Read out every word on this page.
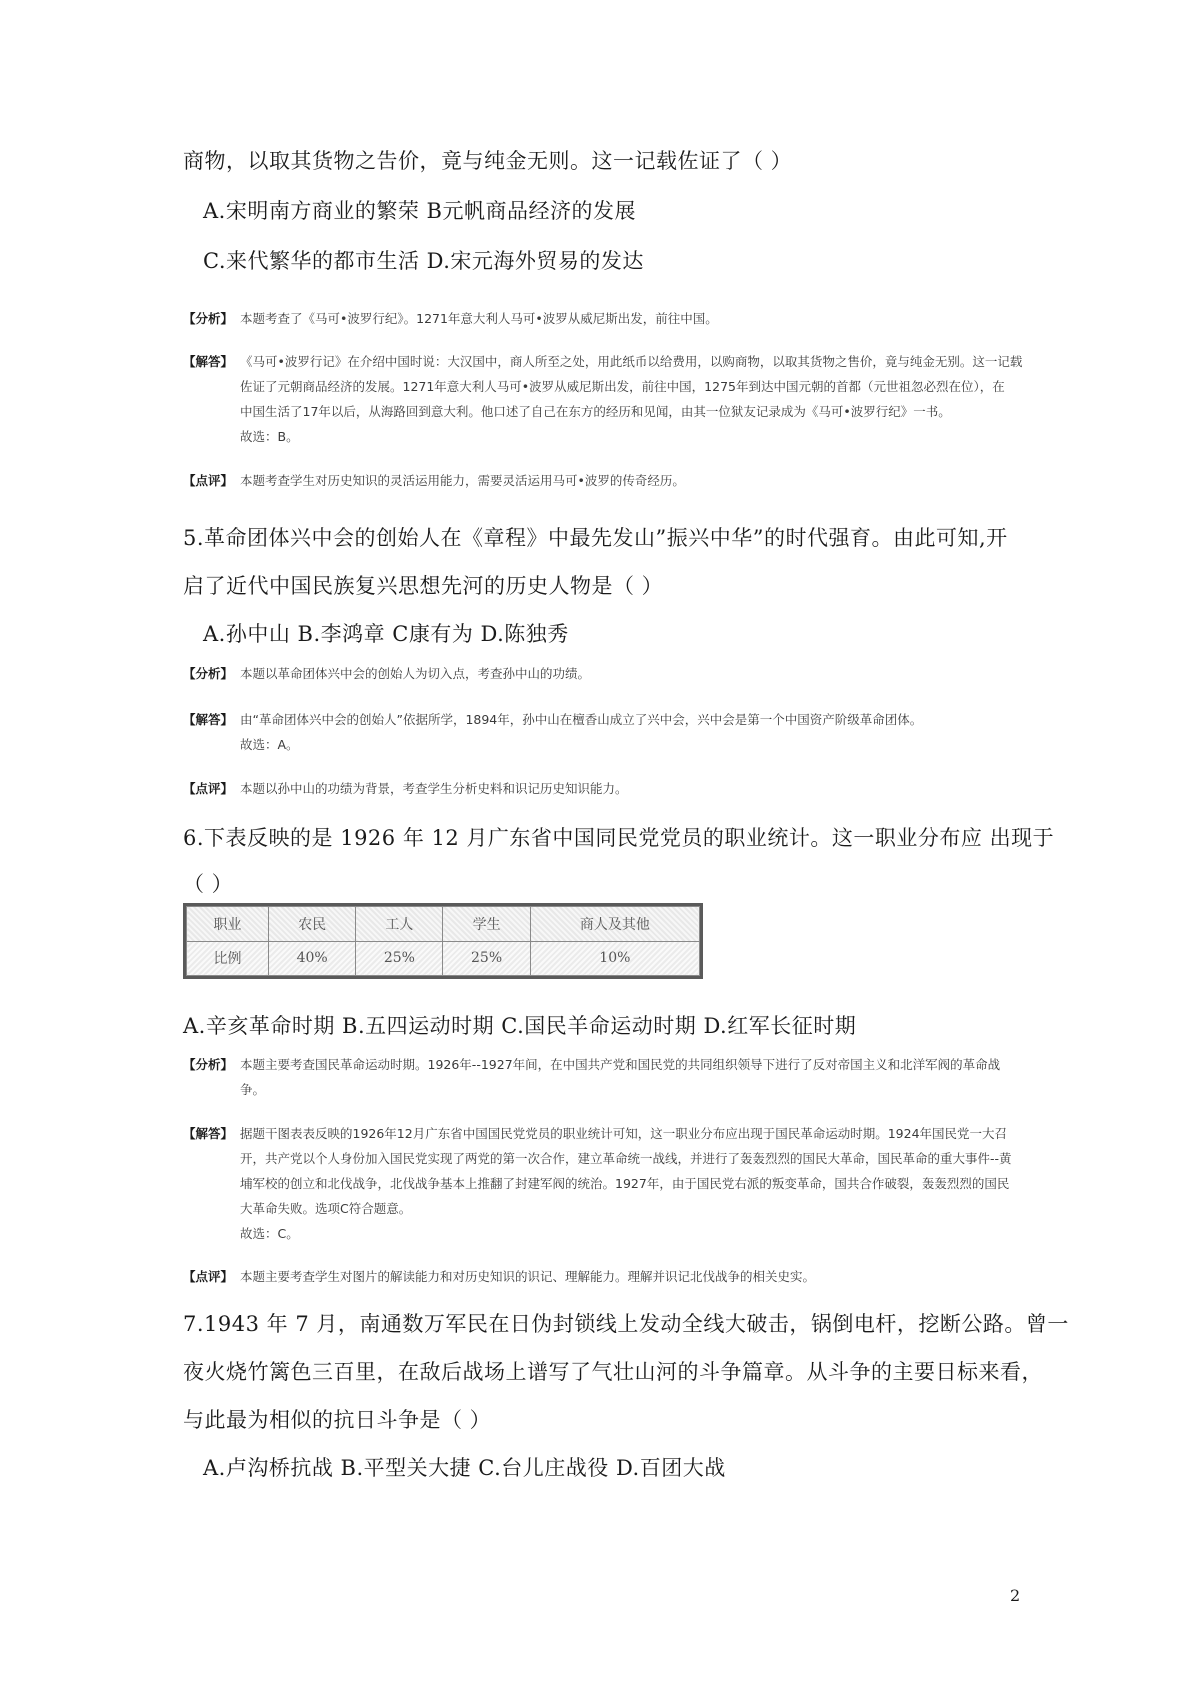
商物，以取其货物之告价，竟与纯金无则。这一记载佐证了（ ）
A.宋明南方商业的繁荣 B元帆商品经济的发展
C.来代繁华的都市生活 D.宋元海外贸易的发达
【分析】 本题考查了《马可•波罗行纪》。1271年意大利人马可•波罗从威尼斯出发，前往中国。
【解答】 《马可•波罗行记》在介绍中国时说：大汉国中，商人所至之处，用此纸币以给费用，以购商物，以取其货物之售价，竟与纯金无别。这一记载
佐证了元朝商品经济的发展。1271年意大利人马可•波罗从威尼斯出发，前往中国，1275年到达中国元朝的首都（元世祖忽必烈在位），在
中国生活了17年以后，从海路回到意大利。他口述了自己在东方的经历和见闻，由其一位狱友记录成为《马可•波罗行纪》一书。
故选：B。
【点评】 本题考查学生对历史知识的灵活运用能力，需要灵活运用马可•波罗的传奇经历。
5.革命团体兴中会的创始人在《章程》中最先发山”振兴中华”的时代强育。由此可知,开
启了近代中国民族复兴思想先河的历史人物是（ ）
A.孙中山 B.李鸿章 C康有为 D.陈独秀
【分析】 本题以革命团体兴中会的创始人为切入点，考查孙中山的功绩。
【解答】 由“革命团体兴中会的创始人”依据所学，1894年，孙中山在檀香山成立了兴中会，兴中会是第一个中国资产阶级革命团体。
故选：A。
【点评】 本题以孙中山的功绩为背景，考查学生分析史料和识记历史知识能力。
6.下表反映的是 1926 年 12 月广东省中国同民党党员的职业统计。这一职业分布应 出现于
（ ）
职业	农民	工人	学生	商人及其他
比例	40%	25%	25%	10%
A.辛亥革命时期 B.五四运动时期 C.国民羊命运动时期 D.红军长征时期
【分析】 本题主要考查国民革命运动时期。1926年--1927年间，在中国共产党和国民党的共同组织领导下进行了反对帝国主义和北洋军阀的革命战
争。
【解答】 据题干图表表反映的1926年12月广东省中国国民党党员的职业统计可知，这一职业分布应出现于国民革命运动时期。1924年国民党一大召
开，共产党以个人身份加入国民党实现了两党的第一次合作，建立革命统一战线，并进行了轰轰烈烈的国民大革命，国民革命的重大事件--黄
埔军校的创立和北伐战争，北伐战争基本上推翻了封建军阀的统治。1927年，由于国民党右派的叛变革命，国共合作破裂，轰轰烈烈的国民
大革命失败。选项C符合题意。
故选：C。
【点评】 本题主要考查学生对图片的解读能力和对历史知识的识记、理解能力。理解并识记北伐战争的相关史实。
7.1943 年 7 月，南通数万军民在日伪封锁线上发动全线大破击，锅倒电杆，挖断公路。曾一
夜火烧竹篱色三百里，在敌后战场上谱写了气壮山河的斗争篇章。从斗争的主要日标来看，
与此最为相似的抗日斗争是（ ）
A.卢沟桥抗战 B.平型关大捷 C.台儿庄战役 D.百团大战
2
